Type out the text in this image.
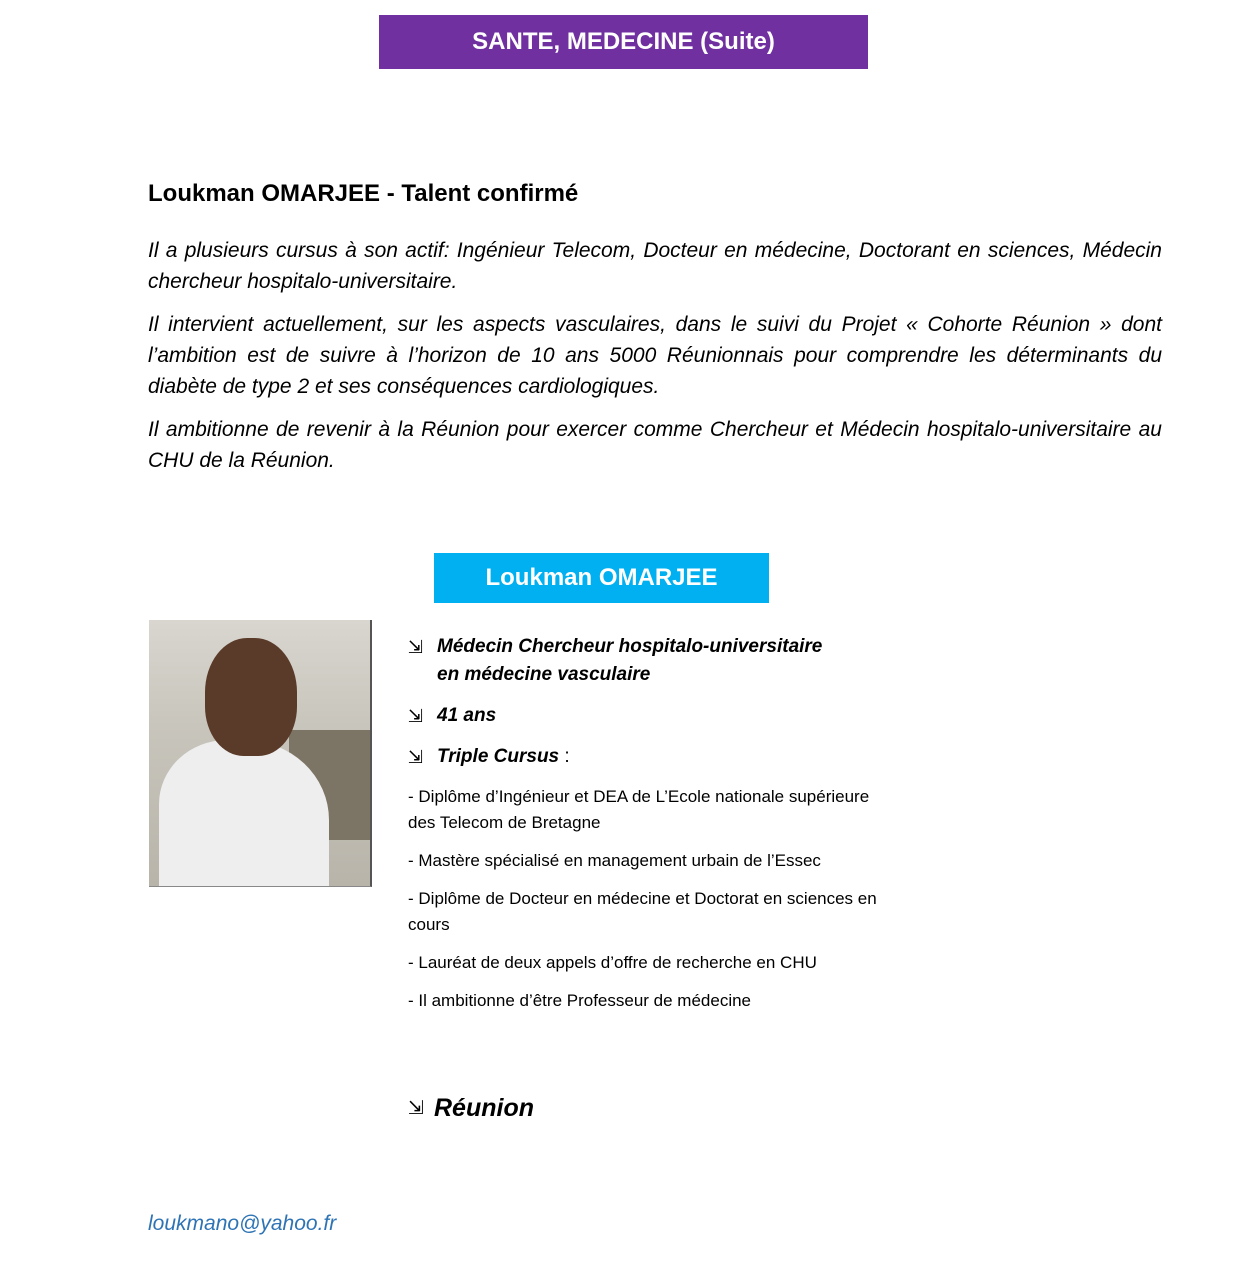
SANTE, MEDECINE (Suite)
Loukman OMARJEE - Talent confirmé

Il a plusieurs cursus à son actif: Ingénieur Telecom, Docteur en médecine, Doctorant en sciences, Médecin chercheur hospitalo-universitaire.

Il intervient actuellement, sur les aspects vasculaires, dans le suivi du Projet « Cohorte Réunion » dont l’ambition est de suivre à l’horizon de 10 ans 5000 Réunionnais pour comprendre les déterminants du diabète de type 2 et ses conséquences cardiologiques.

Il ambitionne de revenir à la Réunion pour exercer comme Chercheur et Médecin hospitalo-universitaire au CHU de la Réunion.

Loukman OMARJEE
⇲ Médecin Chercheur hospitalo-universitaire
en médecine vasculaire
⇲ 41 ans
⇲ Triple Cursus :
- Diplôme d’Ingénieur et DEA de L’Ecole nationale supérieure des Telecom de Bretagne
- Mastère spécialisé en management urbain de l’Essec
- Diplôme de Docteur en médecine et Doctorat en sciences en cours
- Lauréat de deux appels d’offre de recherche en CHU
- Il ambitionne d’être Professeur de médecine
⇲ Réunion
loukmano@yahoo.fr
